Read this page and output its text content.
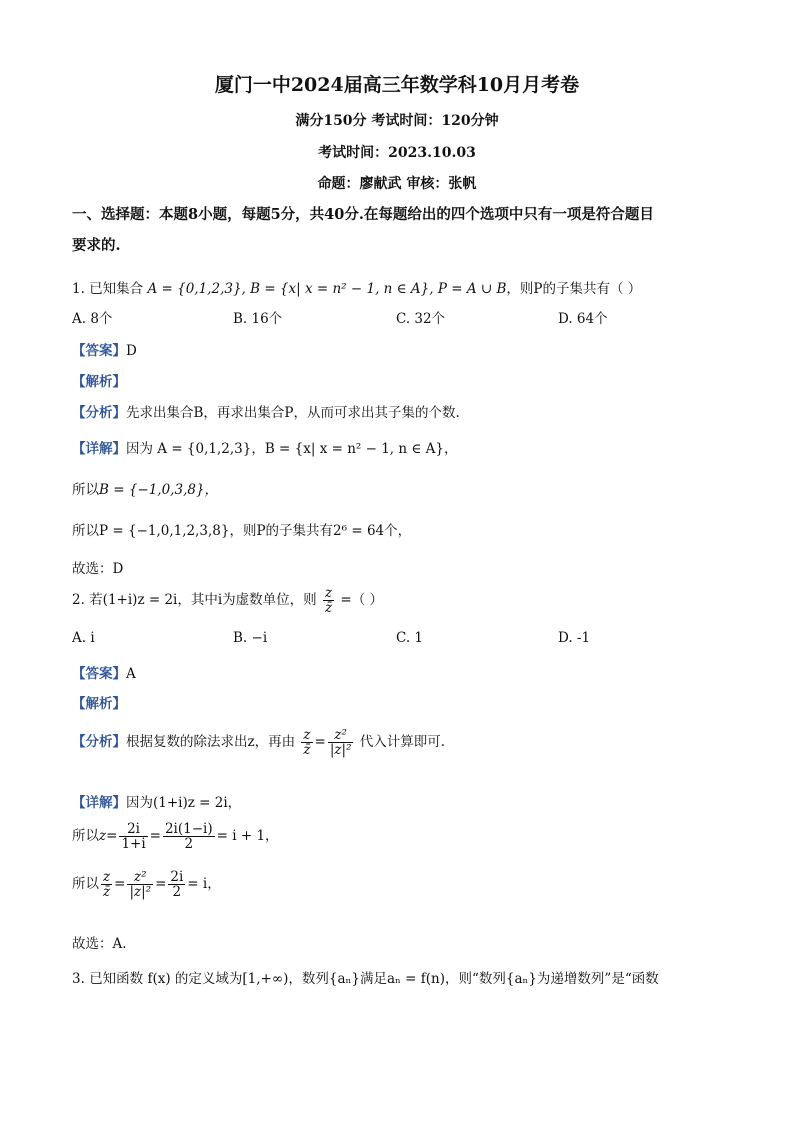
厦门一中2024届高三年数学科10月月考卷
满分150分 考试时间：120分钟
考试时间：2023.10.03
命题：廖献武 审核：张帆
一、选择题：本题8小题，每题5分，共40分.在每题给出的四个选项中只有一项是符合题目
要求的.
1. 已知集合 A = {0,1,2,3}, B = {x| x = n² − 1, n ∈ A}, P = A ∪ B，则P的子集共有（ ）
A. 8个	B. 16个	C. 32个	D. 64个
【答案】D
【解析】
【分析】先求出集合B，再求出集合P，从而可求出其子集的个数.
【详解】因为 A = {0,1,2,3}，B = {x| x = n² − 1, n ∈ A}，
所以B = {−1,0,3,8}，
所以P = {−1,0,1,2,3,8}，则P的子集共有2⁶ = 64个，
故选：D
2. 若(1+i)z = 2i，其中i为虚数单位，则 $\frac{z}{z̄}$ =（ ）
A. i	B. −i	C. 1	D. -1
【答案】A
【解析】
【分析】根据复数的除法求出z，再由 $\frac{z}{z̄} = \frac{\text{z²}}{\text{|z|²}}$ 代入计算即可.
【详解】因为(1+i)z = 2i，
所以$z= \frac{2i}{1+i} = \frac{2i(1-i)}{2} = i + 1$，
所以 $\frac{z}{z̄} = \frac{\text{z²}}{\text{|z|²}} = \frac{2i}{2} = i$，
故选：A.
3. 已知函数 f(x) 的定义域为[1,+∞)，数列{aₙ}满足aₙ = f(n)，则“数列{aₙ}为递增数列”是“函数
